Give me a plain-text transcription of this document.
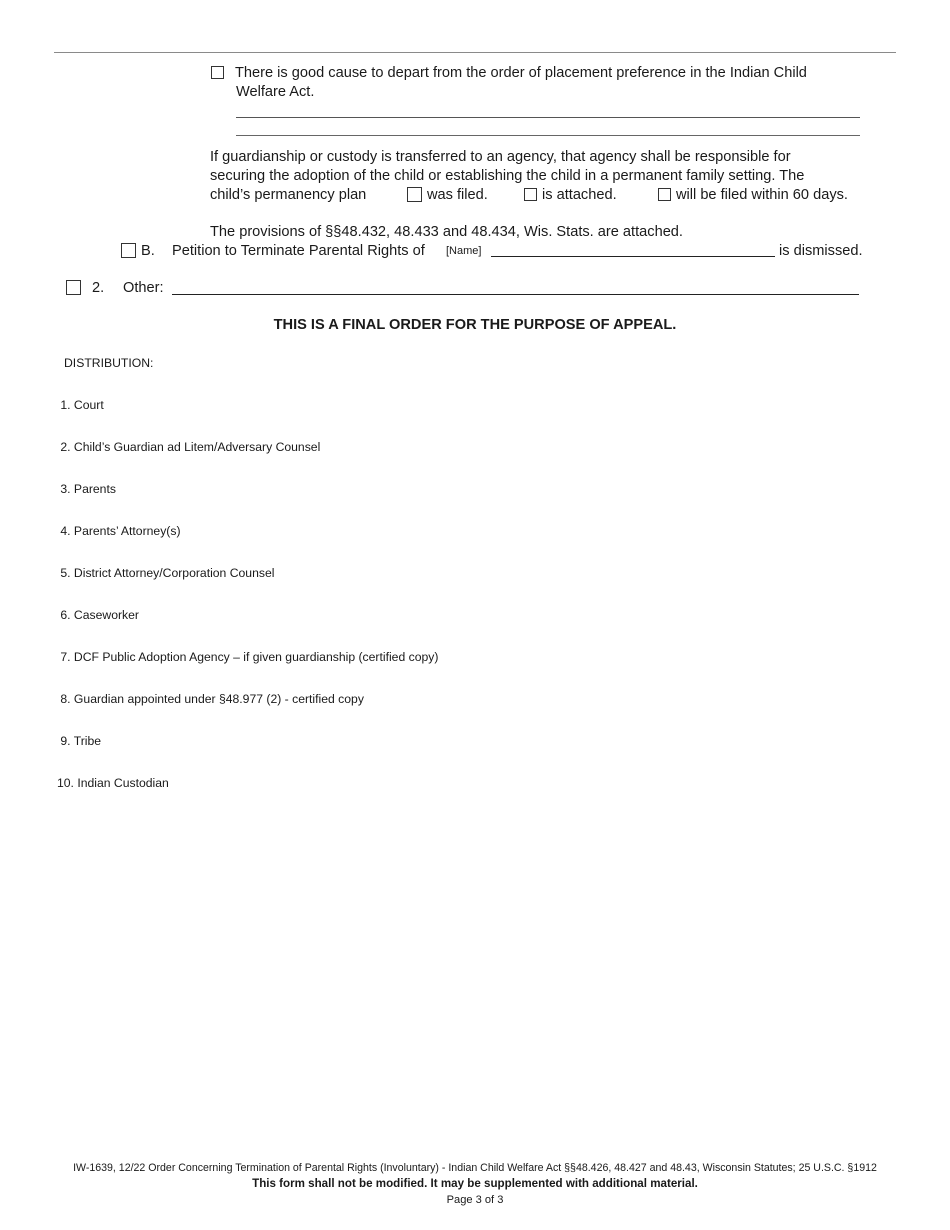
There is good cause to depart from the order of placement preference in the Indian Child
Welfare Act.
If guardianship or custody is transferred to an agency, that agency shall be responsible for
securing the adoption of the child or establishing the child in a permanent family setting. The
child’s permanency plan	was filed.	is attached.	will be filed within 60 days.
The provisions of §§48.432, 48.433 and 48.434, Wis. Stats. are attached.
B. Petition to Terminate Parental Rights of [Name]	is dismissed.
2. Other:
THIS IS A FINAL ORDER FOR THE PURPOSE OF APPEAL.
DISTRIBUTION:

1. Court

2. Child’s Guardian ad Litem/Adversary Counsel

3. Parents

4. Parents’ Attorney(s)

5. District Attorney/Corporation Counsel

6. Caseworker

7. DCF Public Adoption Agency – if given guardianship (certified copy)

8. Guardian appointed under §48.977 (2) - certified copy

9. Tribe

10. Indian Custodian

IW-1639, 12/22 Order Concerning Termination of Parental Rights (Involuntary) - Indian Child Welfare Act §§48.426, 48.427 and 48.43, Wisconsin Statutes; 25 U.S.C. §1912
This form shall not be modified. It may be supplemented with additional material.
Page 3 of 3
